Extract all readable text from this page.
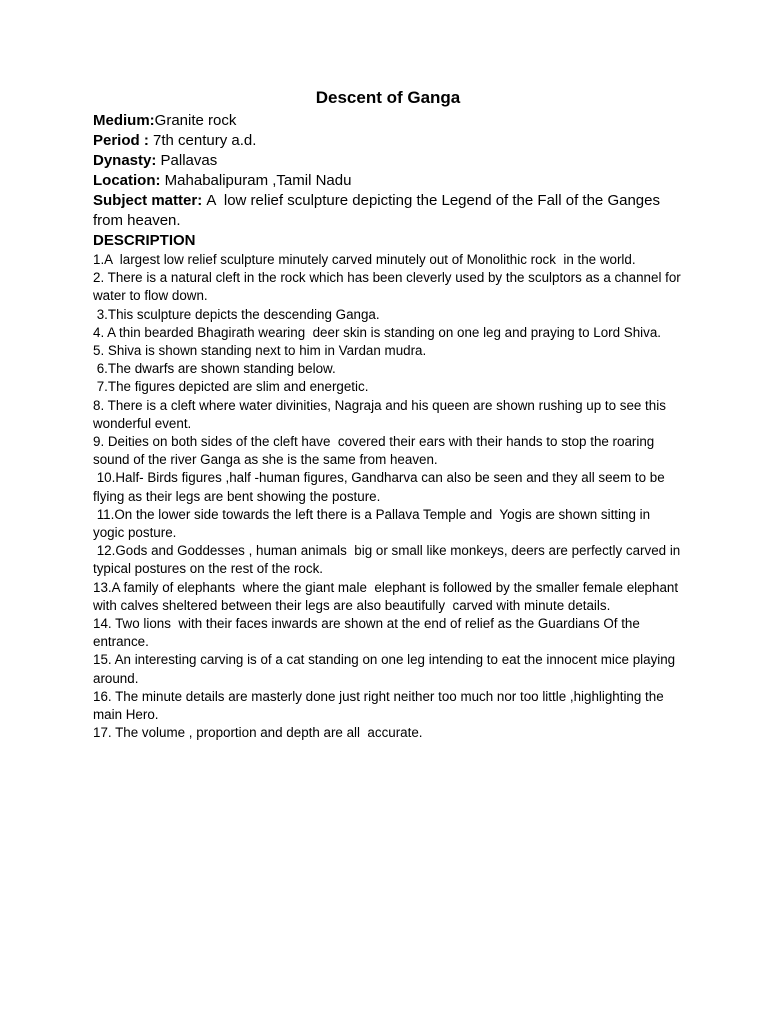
Descent of Ganga

Medium:Granite rock

Period : 7th century a.d.

Dynasty: Pallavas

Location: Mahabalipuram ,Tamil Nadu

Subject matter: A  low relief sculpture depicting the Legend of the Fall of the Ganges from heaven.

DESCRIPTION

1.A  largest low relief sculpture minutely carved minutely out of Monolithic rock  in the world.

2. There is a natural cleft in the rock which has been cleverly used by the sculptors as a channel for water to flow down.

3.This sculpture depicts the descending Ganga.

4. A thin bearded Bhagirath wearing  deer skin is standing on one leg and praying to Lord Shiva.

5. Shiva is shown standing next to him in Vardan mudra.

6.The dwarfs are shown standing below.

7.The figures depicted are slim and energetic.

8. There is a cleft where water divinities, Nagraja and his queen are shown rushing up to see this wonderful event.

9. Deities on both sides of the cleft have  covered their ears with their hands to stop the roaring sound of the river Ganga as she is the same from heaven.

10.Half- Birds figures ,half -human figures, Gandharva can also be seen and they all seem to be flying as their legs are bent showing the posture.

11.On the lower side towards the left there is a Pallava Temple and  Yogis are shown sitting in yogic posture.

12.Gods and Goddesses , human animals  big or small like monkeys, deers are perfectly carved in typical postures on the rest of the rock.

13.A family of elephants  where the giant male  elephant is followed by the smaller female elephant with calves sheltered between their legs are also beautifully  carved with minute details.

14. Two lions  with their faces inwards are shown at the end of relief as the Guardians Of the entrance.

15. An interesting carving is of a cat standing on one leg intending to eat the innocent mice playing around.

16. The minute details are masterly done just right neither too much nor too little ,highlighting the main Hero.

17. The volume , proportion and depth are all  accurate.
